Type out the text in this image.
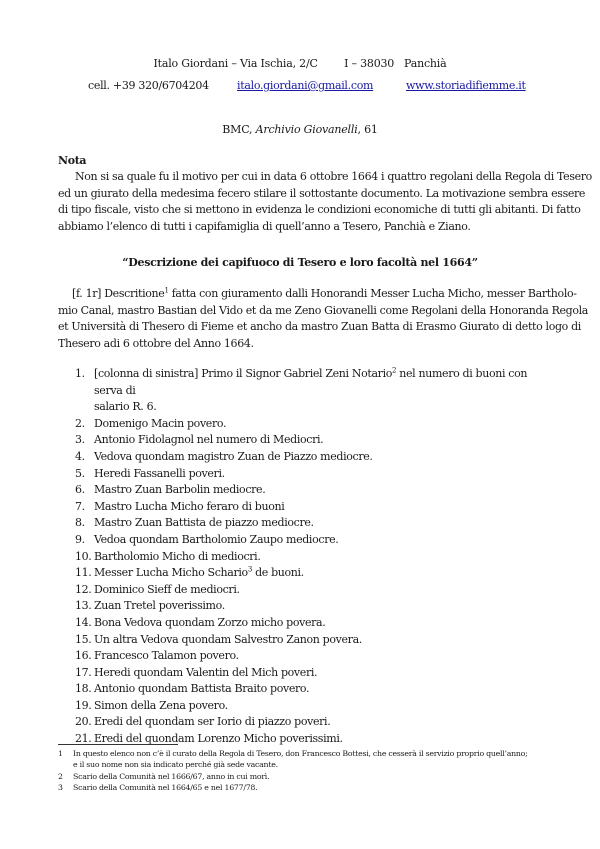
Italo Giordani – Via Ischia, 2/C        I – 38030   Panchià
cell. +39 320/6704204	italo.giordani@gmail.com	www.storiadifiemme.it
BMC, Archivio Giovanelli, 61
Nota
Non si sa quale fu il motivo per cui in data 6 ottobre 1664 i quattro regolani della Regola di Tesero
ed un giurato della medesima fecero stilare il sottostante documento. La motivazione sembra essere
di tipo fiscale, visto che si mettono in evidenza le condizioni economiche di tutti gli abitanti. Di fatto
abbiamo l’elenco di tutti i capifamiglia di quell’anno a Tesero, Panchià e Ziano.
“Descrizione dei capifuoco di Tesero e loro facoltà nel 1664”
[f. 1r] Descritione$^1$ fatta con giuramento dalli Honorandi Messer Lucha Micho, messer Bartholo-
mio Canal, mastro Bastian del Vido et da me Zeno Giovanelli come Regolani della Honoranda Regola
et Università di Thesero di Fieme et ancho da mastro Zuan Batta di Erasmo Giurato di detto logo di
Thesero adi 6 ottobre del Anno 1664.
1. [colonna di sinistra] Primo il Signor Gabriel Zeni Notario$^2$ nel numero di buoni con serva di
salario R. 6.
2. Domenigo Macin povero.
3. Antonio Fidolagnol nel numero di Mediocri.
4. Vedova quondam magistro Zuan de Piazzo mediocre.
5. Heredi Fassanelli poveri.
6. Mastro Zuan Barbolin mediocre.
7. Mastro Lucha Micho feraro di buoni
8. Mastro Zuan Battista de piazzo mediocre.
9. Vedoa quondam Bartholomio Zaupo mediocre.
10. Bartholomio Micho di mediocri.
11. Messer Lucha Micho Schario$^3$ de buoni.
12. Dominico Sieff de mediocri.
13. Zuan Tretel poverissimo.
14. Bona Vedova quondam Zorzo micho povera.
15. Un altra Vedova quondam Salvestro Zanon povera.
16. Francesco Talamon povero.
17. Heredi quondam Valentin del Mich poveri.
18. Antonio quondam Battista Braito povero.
19. Simon della Zena povero.
20. Eredi del quondam ser Iorio di piazzo poveri.
21. Eredi del quondam Lorenzo Micho poverissimi.
1 In questo elenco non c’è il curato della Regola di Tesero, don Francesco Bottesi, che cesserà il servizio proprio quell’anno;
e il suo nome non sia indicato perché già sede vacante.
2 Scario della Comunità nel 1666/67, anno in cui morì.
3 Scario della Comunità nel 1664/65 e nel 1677/78.
